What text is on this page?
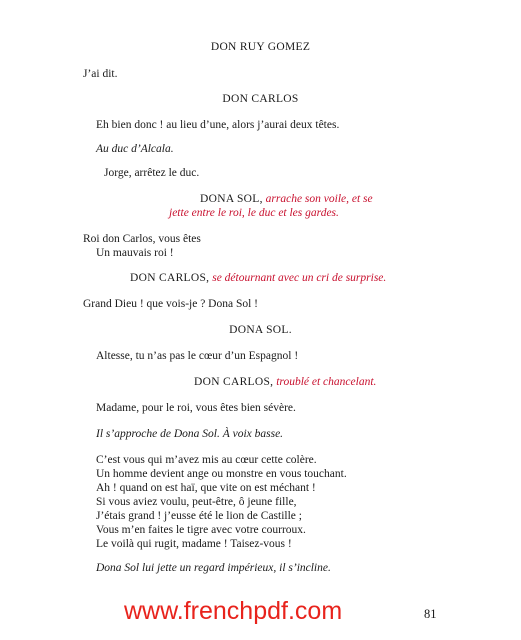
DON RUY GOMEZ
J’ai dit.
DON CARLOS
Eh bien donc ! au lieu d’une, alors j’aurai deux têtes.
Au duc d’Alcala.
Jorge, arrêtez le duc.
DONA SOL, arrache son voile, et se
jette entre le roi, le duc et les gardes.
Roi don Carlos, vous êtes
Un mauvais roi !
DON CARLOS, se détournant avec un cri de surprise.
Grand Dieu ! que vois-je ? Dona Sol !
DONA SOL.
Altesse, tu n’as pas le cœur d’un Espagnol !
DON CARLOS, troublé et chancelant.
Madame, pour le roi, vous êtes bien sévère.
Il s’approche de Dona Sol. À voix basse.
C’est vous qui m’avez mis au cœur cette colère.
Un homme devient ange ou monstre en vous touchant.
Ah ! quand on est haï, que vite on est méchant !
Si vous aviez voulu, peut-être, ô jeune fille,
J’étais grand ! j’eusse été le lion de Castille ;
Vous m’en faites le tigre avec votre courroux.
Le voilà qui rugit, madame ! Taisez-vous !
Dona Sol lui jette un regard impérieux, il s’incline.
www.frenchpdf.com	81
